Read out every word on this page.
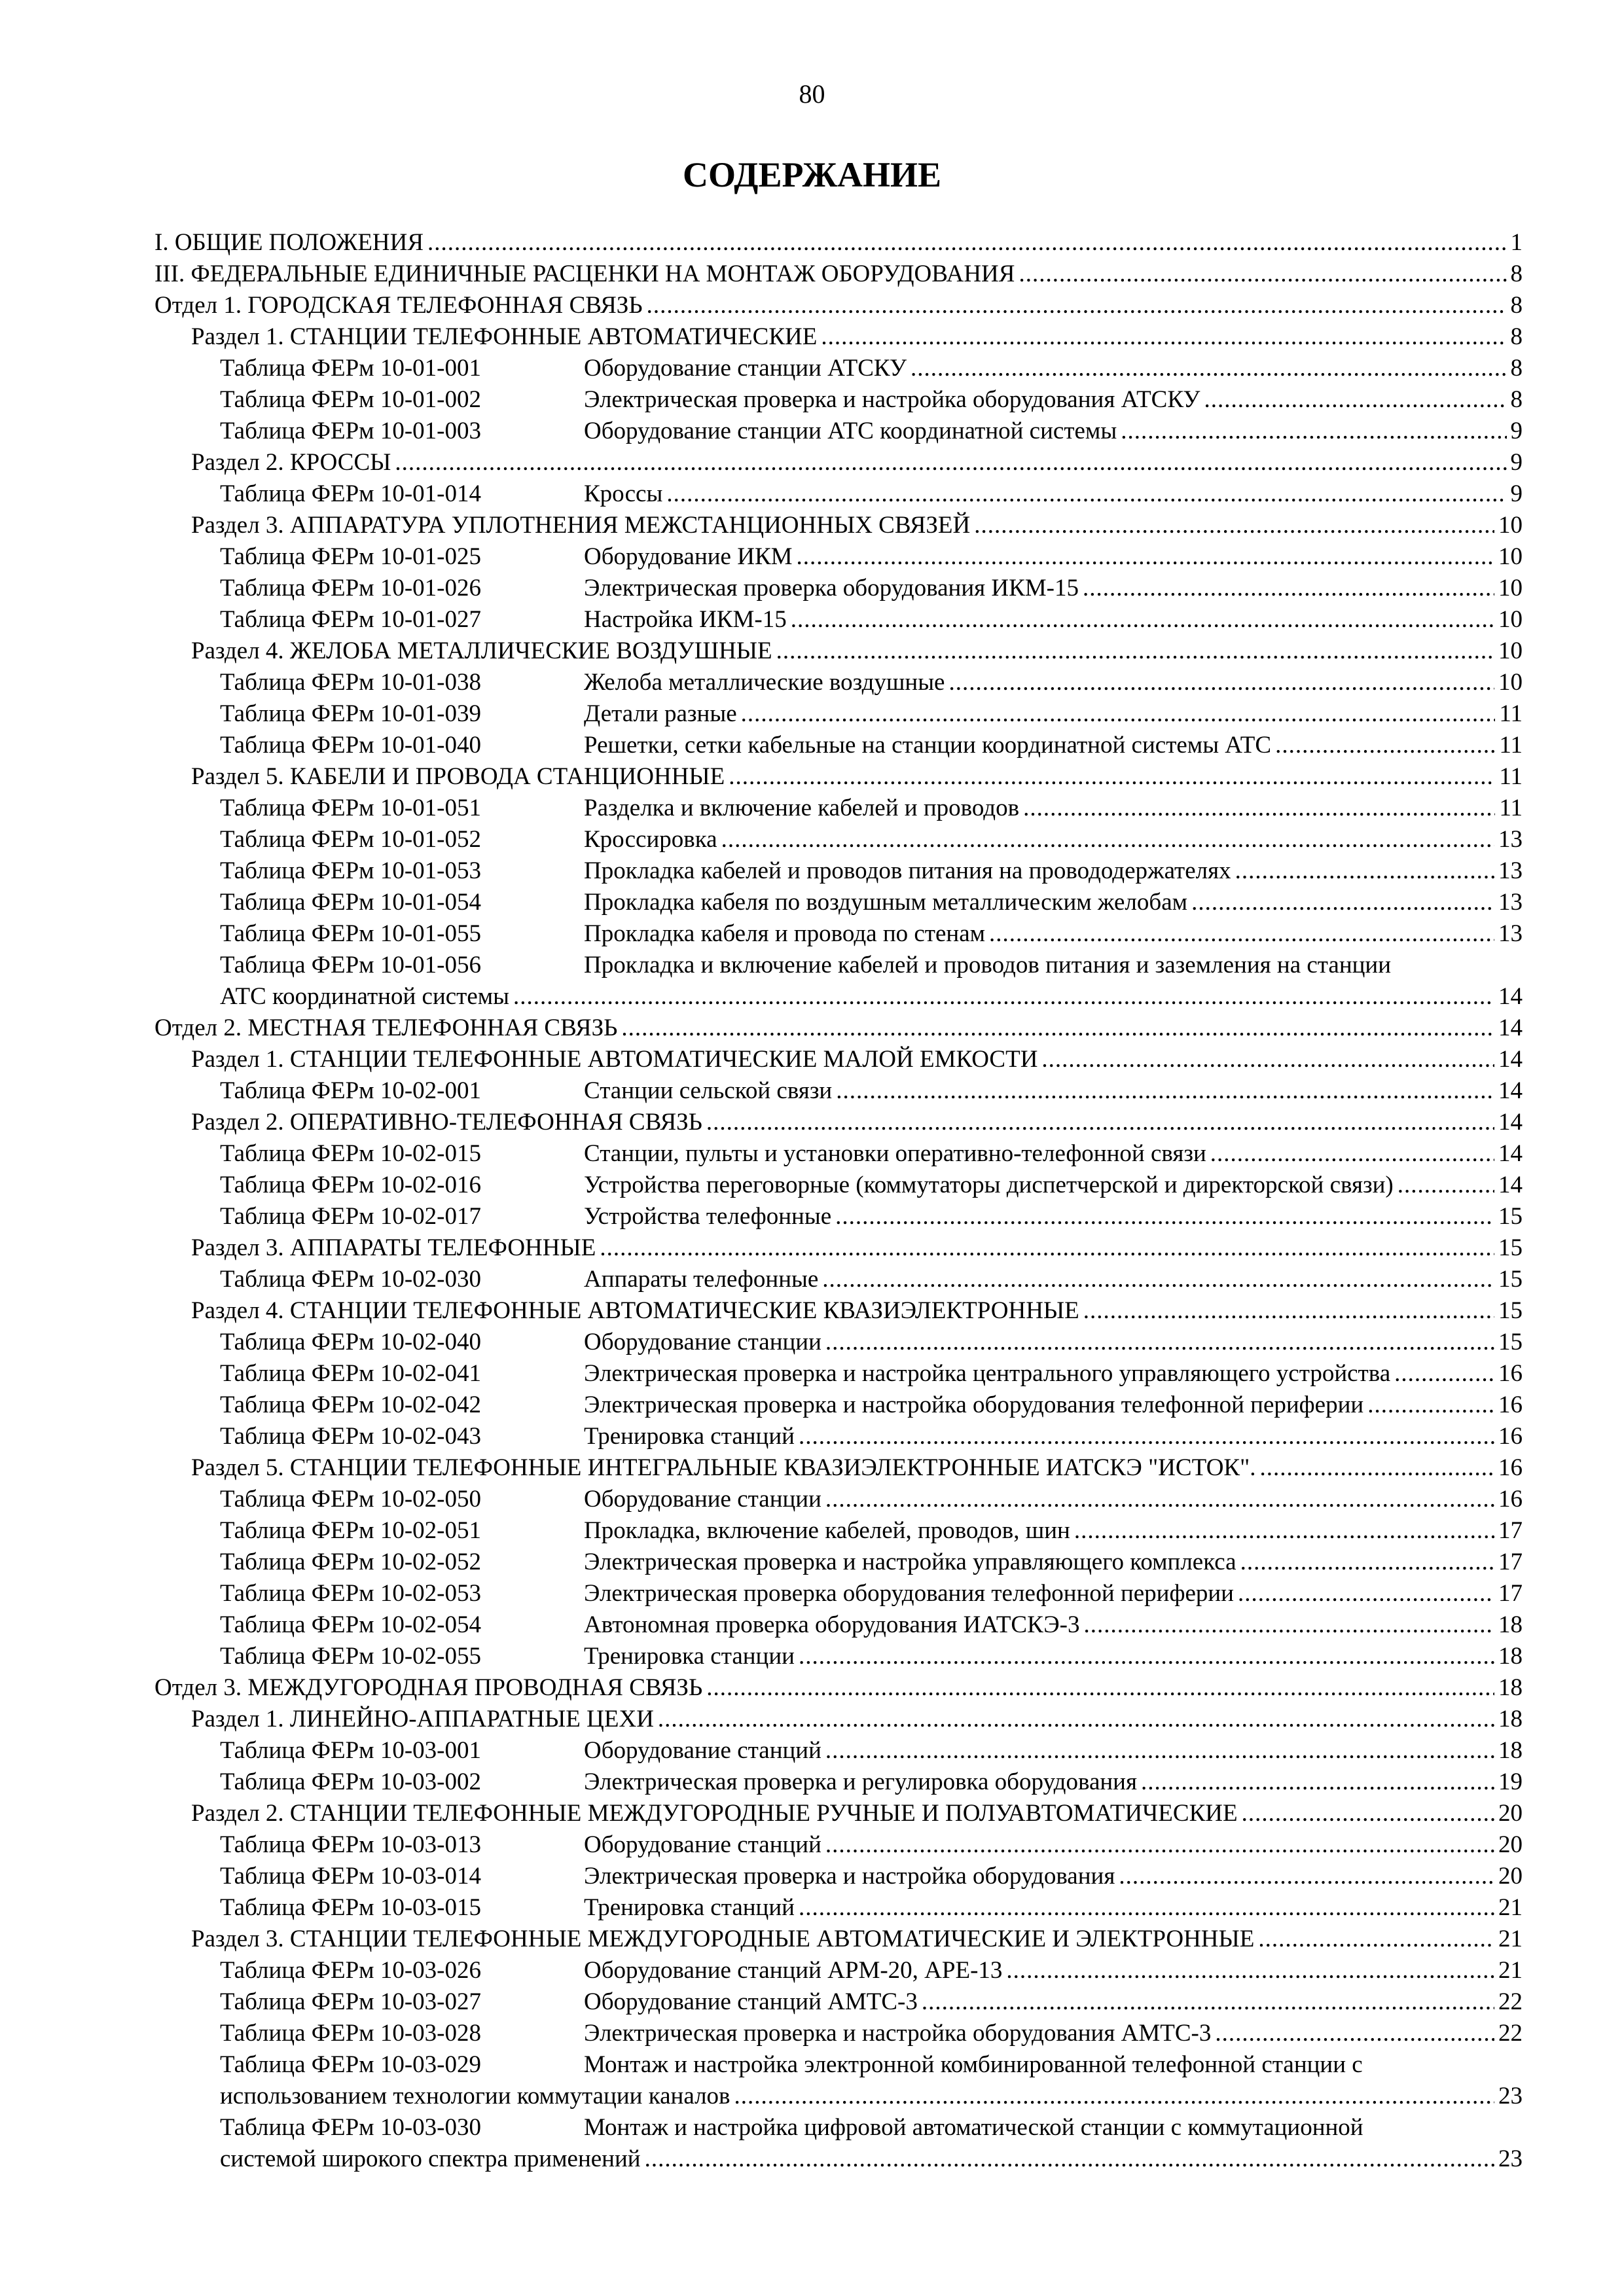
80
СОДЕРЖАНИЕ
I. ОБЩИЕ ПОЛОЖЕНИЯ .....	1
III. ФЕДЕРАЛЬНЫЕ ЕДИНИЧНЫЕ РАСЦЕНКИ НА МОНТАЖ ОБОРУДОВАНИЯ .....	8
Отдел 1. ГОРОДСКАЯ ТЕЛЕФОННАЯ СВЯЗЬ .....	8
Раздел 1. СТАНЦИИ ТЕЛЕФОННЫЕ АВТОМАТИЧЕСКИЕ .....	8
Таблица ФЕРм 10-01-001	Оборудование станции АТСКУ .....	8
Таблица ФЕРм 10-01-002	Электрическая проверка и настройка оборудования АТСКУ .....	8
Таблица ФЕРм 10-01-003	Оборудование станции АТС координатной системы .....	9
Раздел 2. КРОССЫ .....	9
Таблица ФЕРм 10-01-014	Кроссы .....	9
Раздел 3. АППАРАТУРА УПЛОТНЕНИЯ МЕЖСТАНЦИОННЫХ СВЯЗЕЙ .....	10
Таблица ФЕРм 10-01-025	Оборудование ИКМ .....	10
Таблица ФЕРм 10-01-026	Электрическая проверка оборудования ИКМ-15 .....	10
Таблица ФЕРм 10-01-027	Настройка ИКМ-15 .....	10
Раздел 4. ЖЕЛОБА МЕТАЛЛИЧЕСКИЕ ВОЗДУШНЫЕ .....	10
Таблица ФЕРм 10-01-038	Желоба металлические воздушные .....	10
Таблица ФЕРм 10-01-039	Детали разные .....	11
Таблица ФЕРм 10-01-040	Решетки, сетки кабельные на станции координатной системы АТС .....	11
Раздел 5. КАБЕЛИ И ПРОВОДА СТАНЦИОННЫЕ .....	11
Таблица ФЕРм 10-01-051	Разделка и включение кабелей и проводов .....	11
Таблица ФЕРм 10-01-052	Кроссировка .....	13
Таблица ФЕРм 10-01-053	Прокладка кабелей и проводов питания на провододержателях .....	13
Таблица ФЕРм 10-01-054	Прокладка кабеля по воздушным металлическим желобам .....	13
Таблица ФЕРм 10-01-055	Прокладка кабеля и провода по стенам .....	13
Таблица ФЕРм 10-01-056	Прокладка и включение кабелей и проводов питания и заземления на станции
АТС координатной системы .....	14
Отдел 2. МЕСТНАЯ ТЕЛЕФОННАЯ СВЯЗЬ .....	14
Раздел 1. СТАНЦИИ ТЕЛЕФОННЫЕ АВТОМАТИЧЕСКИЕ МАЛОЙ ЕМКОСТИ .....	14
Таблица ФЕРм 10-02-001	Станции сельской связи .....	14
Раздел 2. ОПЕРАТИВНО-ТЕЛЕФОННАЯ СВЯЗЬ .....	14
Таблица ФЕРм 10-02-015	Станции, пульты и установки оперативно-телефонной связи .....	14
Таблица ФЕРм 10-02-016	Устройства переговорные (коммутаторы диспетчерской и директорской связи) .....	14
Таблица ФЕРм 10-02-017	Устройства телефонные .....	15
Раздел 3. АППАРАТЫ ТЕЛЕФОННЫЕ .....	15
Таблица ФЕРм 10-02-030	Аппараты телефонные .....	15
Раздел 4. СТАНЦИИ ТЕЛЕФОННЫЕ АВТОМАТИЧЕСКИЕ КВАЗИЭЛЕКТРОННЫЕ .....	15
Таблица ФЕРм 10-02-040	Оборудование станции .....	15
Таблица ФЕРм 10-02-041	Электрическая проверка и настройка центрального управляющего устройства .....	16
Таблица ФЕРм 10-02-042	Электрическая проверка и настройка оборудования телефонной периферии .....	16
Таблица ФЕРм 10-02-043	Тренировка станций .....	16
Раздел 5. СТАНЦИИ ТЕЛЕФОННЫЕ ИНТЕГРАЛЬНЫЕ КВАЗИЭЛЕКТРОННЫЕ ИАТСКЭ "ИСТОК". .....	16
Таблица ФЕРм 10-02-050	Оборудование станции .....	16
Таблица ФЕРм 10-02-051	Прокладка, включение кабелей, проводов, шин .....	17
Таблица ФЕРм 10-02-052	Электрическая проверка и настройка управляющего комплекса .....	17
Таблица ФЕРм 10-02-053	Электрическая проверка оборудования телефонной периферии .....	17
Таблица ФЕРм 10-02-054	Автономная проверка оборудования ИАТСКЭ-3 .....	18
Таблица ФЕРм 10-02-055	Тренировка станции .....	18
Отдел 3. МЕЖДУГОРОДНАЯ ПРОВОДНАЯ СВЯЗЬ .....	18
Раздел 1. ЛИНЕЙНО-АППАРАТНЫЕ ЦЕХИ .....	18
Таблица ФЕРм 10-03-001	Оборудование станций .....	18
Таблица ФЕРм 10-03-002	Электрическая проверка и регулировка оборудования .....	19
Раздел 2. СТАНЦИИ ТЕЛЕФОННЫЕ МЕЖДУГОРОДНЫЕ РУЧНЫЕ И ПОЛУАВТОМАТИЧЕСКИЕ .....	20
Таблица ФЕРм 10-03-013	Оборудование станций .....	20
Таблица ФЕРм 10-03-014	Электрическая проверка и настройка оборудования .....	20
Таблица ФЕРм 10-03-015	Тренировка станций .....	21
Раздел 3. СТАНЦИИ ТЕЛЕФОННЫЕ МЕЖДУГОРОДНЫЕ АВТОМАТИЧЕСКИЕ И ЭЛЕКТРОННЫЕ .....	21
Таблица ФЕРм 10-03-026	Оборудование станций АРМ-20, АРЕ-13 .....	21
Таблица ФЕРм 10-03-027	Оборудование станций АМТС-3 .....	22
Таблица ФЕРм 10-03-028	Электрическая проверка и настройка оборудования АМТС-3 .....	22
Таблица ФЕРм 10-03-029	Монтаж и настройка электронной комбинированной телефонной станции с
использованием технологии коммутации каналов .....	23
Таблица ФЕРм 10-03-030	Монтаж и настройка цифровой автоматической станции с коммутационной
системой широкого спектра применений .....	23
